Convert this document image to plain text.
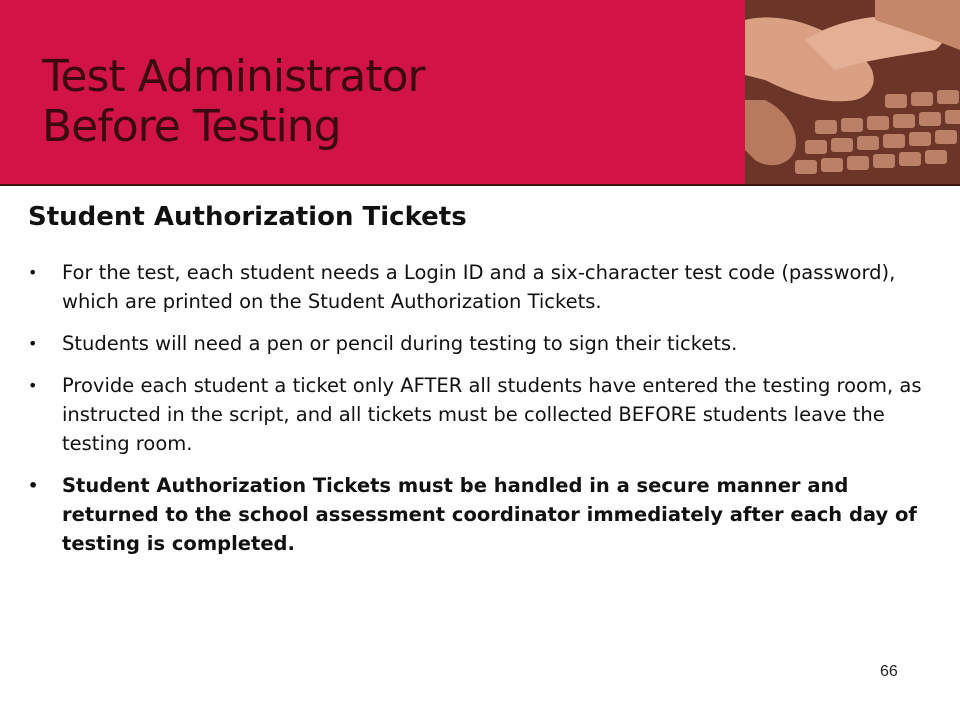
Test Administrator
Before Testing
Student Authorization Tickets
• For the test, each student needs a Login ID and a six-character test code (password), which are printed on the Student Authorization Tickets.
• Students will need a pen or pencil during testing to sign their tickets.
• Provide each student a ticket only AFTER all students have entered the testing room, as instructed in the script, and all tickets must be collected BEFORE students leave the testing room.
• Student Authorization Tickets must be handled in a secure manner and returned to the school assessment coordinator immediately after each day of testing is completed.
66
